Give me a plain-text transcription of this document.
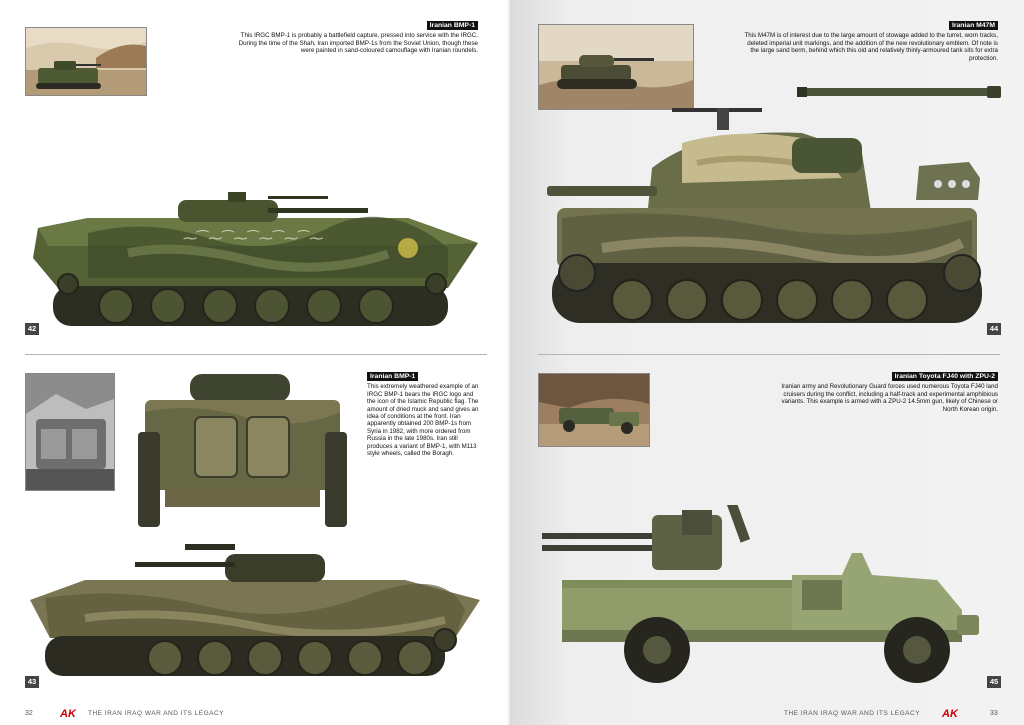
Iranian BMP-1

This IRGC BMP-1 is probably a battlefield capture, pressed into service with the IRGC. During the time of the Shah, Iran imported BMP-1s from the Soviet Union, though these were painted in sand-coloured camouflage with Iranian roundels.

⁓⁀⁓⁀⁓⁀⁓⁀⁓⁀⁓
42
Iranian BMP-1

This extremely weathered example of an IRGC BMP-1 bears the IRGC logo and the icon of the Islamic Republic flag. The amount of dried muck and sand gives an idea of conditions at the front. Iran apparently obtained 200 BMP-1s from Syria in 1982, with more ordered from Russia in the late 1980s. Iran still produces a variant of BMP-1, with M113 style wheels, called the Boragh.

43
32 AK THE IRAN IRAQ WAR AND ITS LEGACY
Iranian M47M

This M47M is of interest due to the large amount of stowage added to the turret, worn tracks, deleted imperial unit markings, and the addition of the new revolutionary emblem. Of note is the large sand berm, behind which this old and relatively thinly-armoured tank sits for extra protection.

44
Iranian Toyota FJ40 with ZPU-2

Iranian army and Revolutionary Guard forces used numerous Toyota FJ40 land cruisers during the conflict, including a half-track and experimental amphibious variants. This example is armed with a ZPU-2 14.5mm gun, likely of Chinese or North Korean origin.

45
THE IRAN IRAQ WAR AND ITS LEGACY AK	33
